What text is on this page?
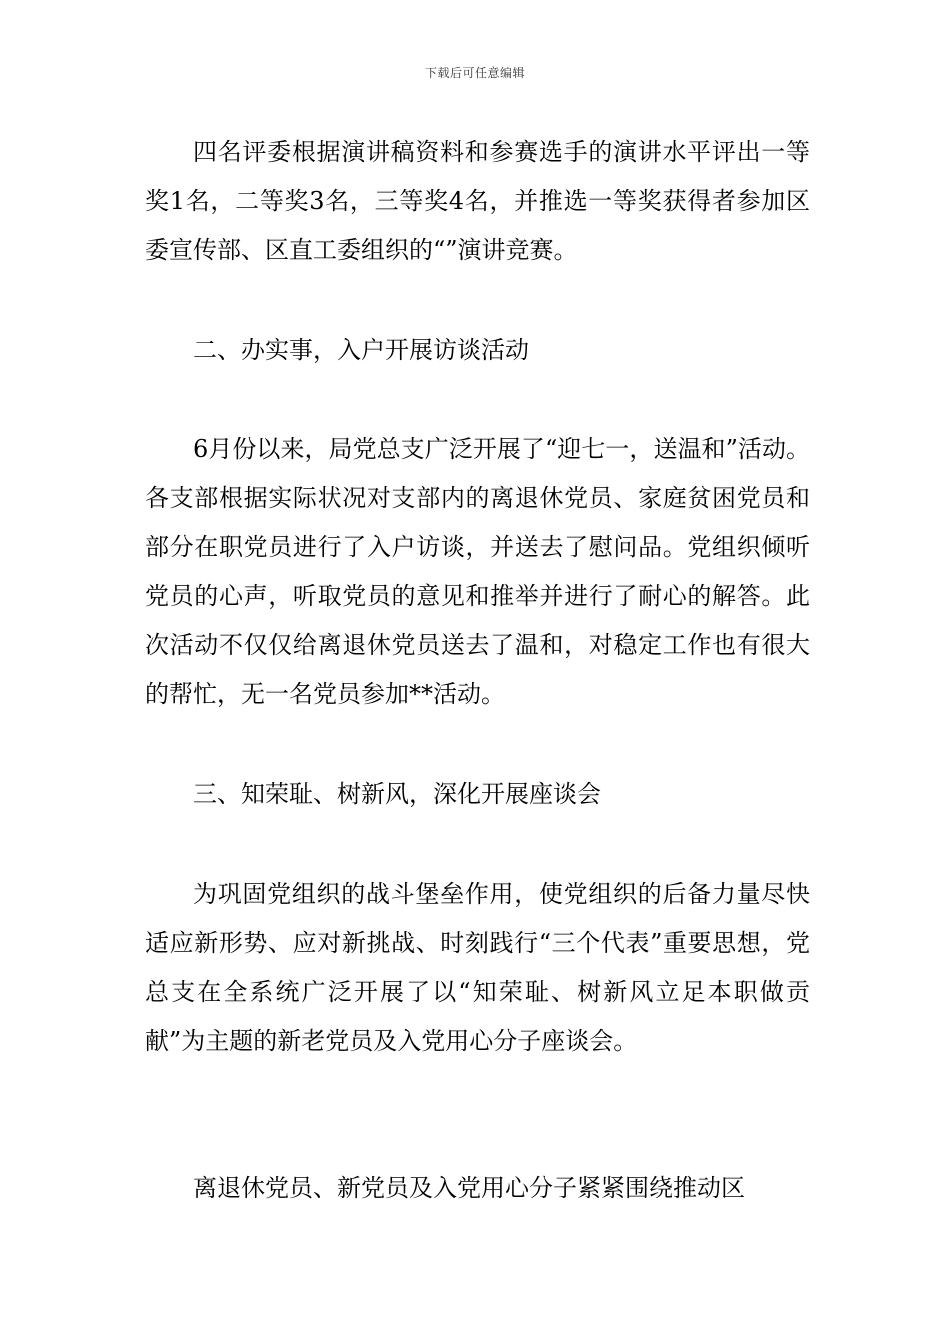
下载后可任意编辑
四名评委根据演讲稿资料和参赛选手的演讲水平评出一等奖1名，二等奖3名，三等奖4名，并推选一等奖获得者参加区委宣传部、区直工委组织的“”演讲竞赛。
二、办实事，入户开展访谈活动
6月份以来，局党总支广泛开展了“迎七一，送温和”活动。各支部根据实际状况对支部内的离退休党员、家庭贫困党员和部分在职党员进行了入户访谈，并送去了慰问品。党组织倾听党员的心声，听取党员的意见和推举并进行了耐心的解答。此次活动不仅仅给离退休党员送去了温和，对稳定工作也有很大的帮忙，无一名党员参加**活动。
三、知荣耻、树新风，深化开展座谈会
为巩固党组织的战斗堡垒作用，使党组织的后备力量尽快适应新形势、应对新挑战、时刻践行“三个代表”重要思想，党总支在全系统广泛开展了以“知荣耻、树新风立足本职做贡献”为主题的新老党员及入党用心分子座谈会。
离退休党员、新党员及入党用心分子紧紧围绕推动区
